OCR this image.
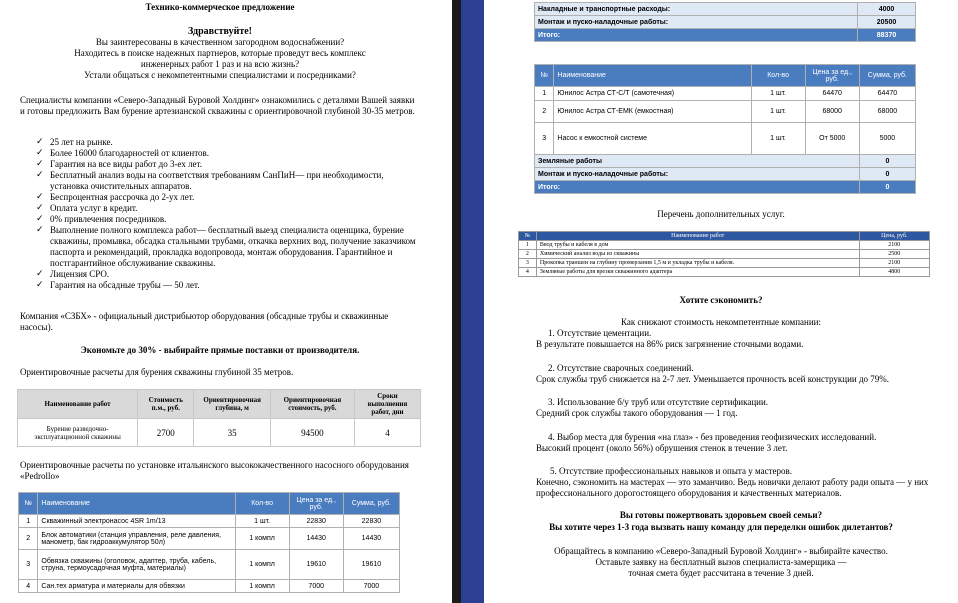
Технико-коммерческое предложение

Здравствуйте!

Вы заинтересованы в качественном загородном водоснабжении?
Находитесь в поиске надежных партнеров, которые проведут весь комплекс
инженерных работ 1 раз и на всю жизнь?
Устали общаться с некомпетентными специалистами и посредниками?

Специалисты компании «Северо-Западный Буровой Холдинг» ознакомились с деталями Вашей заявки и готовы предложить Вам бурение артезианской скважины с ориентировочной глубиной 30-35 метров.

✓ 25 лет на рынке.
✓ Более 16000 благодарностей от клиентов.
✓ Гарантия на все виды работ до 3-ех лет.
✓ Бесплатный анализ воды на соответствия требованиям СанПиН— при необходимости, установка очистительных аппаратов.
✓ Беспроцентная рассрочка до 2-ух лет.
✓ Оплата услуг в кредит.
✓ 0% привлечения посредников.
✓ Выполнение полного комплекса работ— бесплатный выезд специалиста оценщика, бурение скважины, промывка, обсадка стальными трубами, откачка верхних вод, получение заказчиком паспорта и рекомендаций, прокладка водопровода, монтаж оборудования. Гарантийное и постгарантийное обслуживание скважины.
✓ Лицензия СРО.
✓ Гарантия на обсадные трубы — 50 лет.

Компания «СЗБХ» - официальный дистрибьютор оборудования (обсадные трубы и скважинные насосы).

Экономьте до 30% - выбирайте прямые поставки от производителя.

Ориентировочные расчеты для бурения скважины глубиной 35 метров.

Наименование работ	Стоимость п.м., руб.	Ориентировочная глубина, м	Ориентировочная стоимость, руб.	Сроки выполнения работ, дни
Бурение разведочно-эксплуатационной скважины	2700	35	94500	4

Ориентировочные расчеты по установке итальянского высококачественного насосного оборудования «Pedrollo»

№	Наименование	Кол-во	Цена за ед., руб.	Сумма, руб.
1	Скважинный электронасос 4SR 1m/13	1 шт.	22830	22830
2	Блок автоматики (станция управления, реле давления, манометр, бак гидроаккумулятор 50л)	1 компл	14430	14430
3	Обвязка скважины (оголовок, адаптер, труба, кабель, струна, термоусадочная муфта, материалы)	1 компл	19610	19610
4	Сан.тех арматура и материалы для обвязки	1 компл	7000	7000
Накладные и транспортные расходы:	4000
Монтаж и пуско-наладочные работы:	20500
Итого:	88370
№	Наименование	Кол-во	Цена за ед., руб.	Сумма, руб.
1	Юнилос Астра СТ-С/Т (самотечная)	1 шт.	64470	64470
2	Юнилос Астра СТ-ЕМК (емкостная)	1 шт.	68000	68000
3	Насос к емкостной системе	1 шт.	От 5000	5000
Земляные работы				0
Монтаж и пуско-наладочные работы:				0
Итого:				0

Перечень дополнительных услуг.

№	Наименование работ	Цена, руб.
1	Ввод трубы и кабеля в дом	2100
2	Химический анализ воды из скважины	2500
3	Прокопка траншеи на глубину промерзания 1,5 м и укладка трубы и кабеля.	2100
4	Земляные работы для врезки скважинного адаптера	4800

Хотите сэкономить?

Как снижают стоимость некомпетентные компании:

1. Отсутствие цементации.
В результате повышается на 86% риск загрязнение сточными водами.
2. Отсутствие сварочных соединений.
Срок службы труб снижается на 2-7 лет. Уменьшается прочность всей конструкции до 79%.
3. Использование б/у труб или отсутствие сертификации.
Средний срок службы такого оборудования — 1 год.
4. Выбор места для бурения «на глаз» - без проведения геофизических исследований.
Высокий процент (около 56%) обрушения стенок в течение 3 лет.
5. Отсутствие профессиональных навыков и опыта у мастеров.
Конечно, сэкономить на мастерах — это заманчиво. Ведь новички делают работу ради опыта — у них профессионального дорогостоящего оборудования и качественных материалов.

Вы готовы пожертвовать здоровьем своей семьи?

Вы хотите через 1-3 года вызвать нашу команду для переделки ошибок дилетантов?

Обращайтесь в компанию «Северо-Западный Буровой Холдинг» - выбирайте качество.
Оставьте заявку на бесплатный вызов специалиста-замерщика —
точная смета будет рассчитана в течение 3 дней.
